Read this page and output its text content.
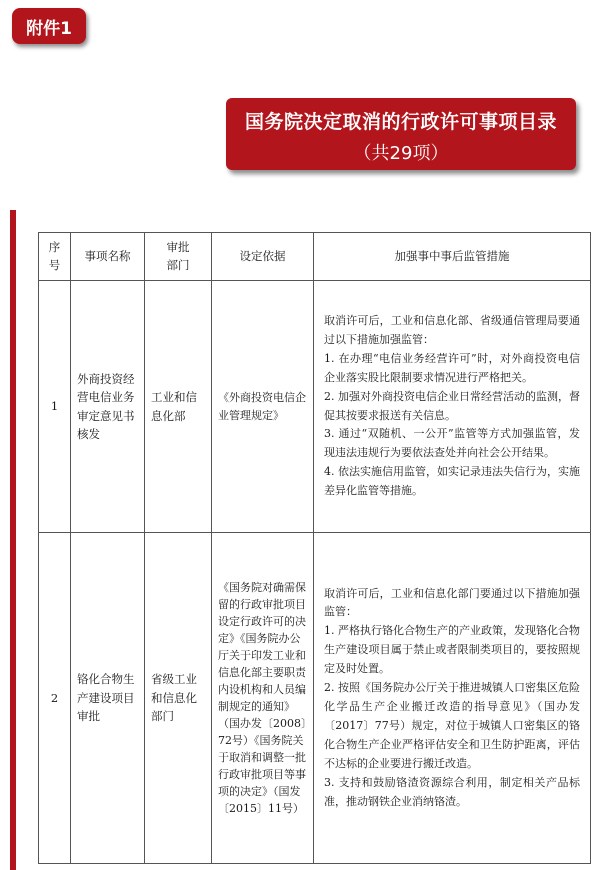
附件1
国务院决定取消的行政许可事项目录
（共29项）
序号	事项名称	审批部门	设定依据	加强事中事后监管措施
1	外商投资经营电信业务审定意见书核发	工业和信息化部	《外商投资电信企业管理规定》	取消许可后，工业和信息化部、省级通信管理局要通过以下措施加强监管：
1. 在办理“电信业务经营许可”时，对外商投资电信企业落实股比限制要求情况进行严格把关。
2. 加强对外商投资电信企业日常经营活动的监测，督促其按要求报送有关信息。
3. 通过“双随机、一公开”监管等方式加强监管，发现违法违规行为要依法查处并向社会公开结果。
4. 依法实施信用监管，如实记录违法失信行为，实施差异化监管等措施。

2	铬化合物生产建设项目审批	省级工业和信息化部门	《国务院对确需保留的行政审批项目设定行政许可的决定》《国务院办公厅关于印发工业和信息化部主要职责内设机构和人员编制规定的通知》（国办发〔2008〕72号）《国务院关于取消和调整一批行政审批项目等事项的决定》（国发〔2015〕11号）	取消许可后，工业和信息化部门要通过以下措施加强监管：
1. 严格执行铬化合物生产的产业政策，发现铬化合物生产建设项目属于禁止或者限制类项目的，要按照规定及时处置。
2. 按照《国务院办公厅关于推进城镇人口密集区危险化学品生产企业搬迁改造的指导意见》（国办发〔2017〕77号）规定，对位于城镇人口密集区的铬化合物生产企业严格评估安全和卫生防护距离，评估不达标的企业要进行搬迁改造。
3. 支持和鼓励铬渣资源综合利用，制定相关产品标准，推动钢铁企业消纳铬渣。
